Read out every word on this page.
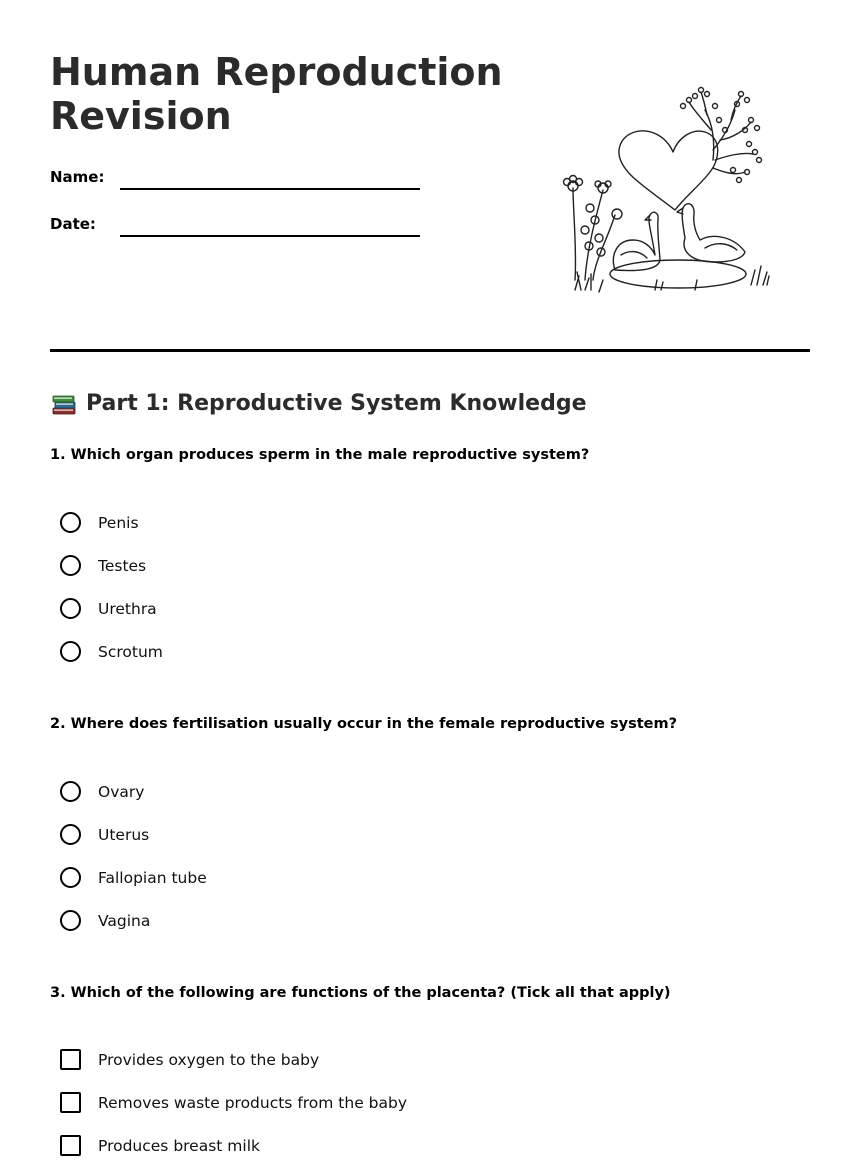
Human Reproduction
Revision
Name:
Date:
Part 1: Reproductive System Knowledge

1. Which organ produces sperm in the male reproductive system?

Penis
Testes
Urethra
Scrotum

2. Where does fertilisation usually occur in the female reproductive system?

Ovary
Uterus
Fallopian tube
Vagina

3. Which of the following are functions of the placenta? (Tick all that apply)

Provides oxygen to the baby
Removes waste products from the baby
Produces breast milk
